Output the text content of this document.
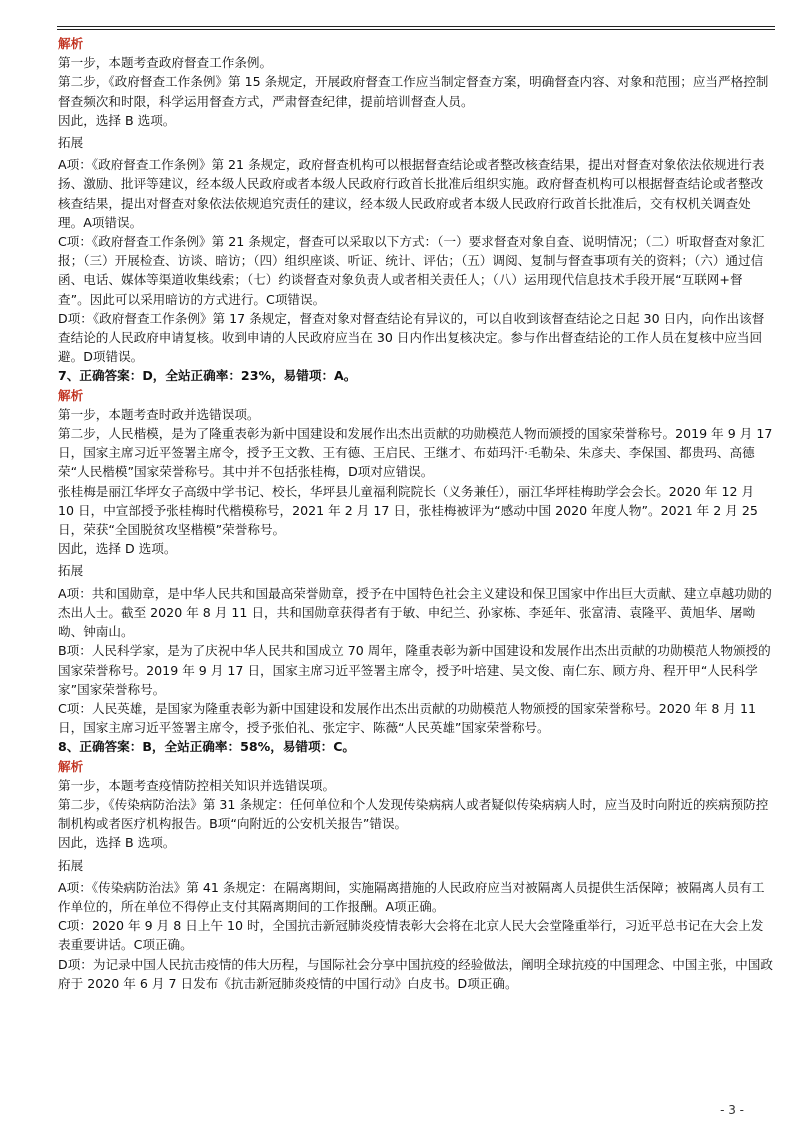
解析

第一步，本题考查政府督查工作条例。

第二步，《政府督查工作条例》第 15 条规定，开展政府督查工作应当制定督查方案，明确督查内容、对象和范围；应当严格控制督查频次和时限，科学运用督查方式，严肃督查纪律，提前培训督查人员。

因此，选择 B 选项。

拓展

A项：《政府督查工作条例》第 21 条规定，政府督查机构可以根据督查结论或者整改核查结果，提出对督查对象依法依规进行表扬、激励、批评等建议，经本级人民政府或者本级人民政府行政首长批准后组织实施。政府督查机构可以根据督查结论或者整改核查结果，提出对督查对象依法依规追究责任的建议，经本级人民政府或者本级人民政府行政首长批准后，交有权机关调查处理。A项错误。

C项：《政府督查工作条例》第 21 条规定，督查可以采取以下方式：（一）要求督查对象自查、说明情况；（二）听取督查对象汇报；（三）开展检查、访谈、暗访；（四）组织座谈、听证、统计、评估；（五）调阅、复制与督查事项有关的资料；（六）通过信函、电话、媒体等渠道收集线索；（七）约谈督查对象负责人或者相关责任人；（八）运用现代信息技术手段开展“互联网+督查”。因此可以采用暗访的方式进行。C项错误。

D项：《政府督查工作条例》第 17 条规定，督查对象对督查结论有异议的，可以自收到该督查结论之日起 30 日内，向作出该督查结论的人民政府申请复核。收到申请的人民政府应当在 30 日内作出复核决定。参与作出督查结论的工作人员在复核中应当回避。D项错误。

7、正确答案：D，全站正确率：23%，易错项：A。

解析

第一步，本题考查时政并选错误项。

第二步，人民楷模，是为了隆重表彰为新中国建设和发展作出杰出贡献的功勋模范人物而颁授的国家荣誉称号。2019 年 9 月 17 日，国家主席习近平签署主席令，授予王文教、王有德、王启民、王继才、布茹玛汗·毛勒朵、朱彦夫、李保国、都贵玛、高德荣“人民楷模”国家荣誉称号。其中并不包括张桂梅，D项对应错误。

张桂梅是丽江华坪女子高级中学书记、校长，华坪县儿童福利院院长（义务兼任），丽江华坪桂梅助学会会长。2020 年 12 月 10 日，中宣部授予张桂梅时代楷模称号，2021 年 2 月 17 日，张桂梅被评为“感动中国 2020 年度人物”。2021 年 2 月 25 日，荣获“全国脱贫攻坚楷模”荣誉称号。

因此，选择 D 选项。

拓展

A项：共和国勋章，是中华人民共和国最高荣誉勋章，授予在中国特色社会主义建设和保卫国家中作出巨大贡献、建立卓越功勋的杰出人士。截至 2020 年 8 月 11 日，共和国勋章获得者有于敏、申纪兰、孙家栋、李延年、张富清、袁隆平、黄旭华、屠呦呦、钟南山。

B项：人民科学家，是为了庆祝中华人民共和国成立 70 周年，隆重表彰为新中国建设和发展作出杰出贡献的功勋模范人物颁授的国家荣誉称号。2019 年 9 月 17 日，国家主席习近平签署主席令，授予叶培建、吴文俊、南仁东、顾方舟、程开甲“人民科学家”国家荣誉称号。

C项：人民英雄，是国家为隆重表彰为新中国建设和发展作出杰出贡献的功勋模范人物颁授的国家荣誉称号。2020 年 8 月 11 日，国家主席习近平签署主席令，授予张伯礼、张定宇、陈薇“人民英雄”国家荣誉称号。

8、正确答案：B，全站正确率：58%，易错项：C。

解析

第一步，本题考查疫情防控相关知识并选错误项。

第二步，《传染病防治法》第 31 条规定：任何单位和个人发现传染病病人或者疑似传染病病人时，应当及时向附近的疾病预防控制机构或者医疗机构报告。B项“向附近的公安机关报告”错误。

因此，选择 B 选项。

拓展

A项：《传染病防治法》第 41 条规定：在隔离期间，实施隔离措施的人民政府应当对被隔离人员提供生活保障；被隔离人员有工作单位的，所在单位不得停止支付其隔离期间的工作报酬。A项正确。

C项：2020 年 9 月 8 日上午 10 时，全国抗击新冠肺炎疫情表彰大会将在北京人民大会堂隆重举行，习近平总书记在大会上发表重要讲话。C项正确。

D项：为记录中国人民抗击疫情的伟大历程，与国际社会分享中国抗疫的经验做法，阐明全球抗疫的中国理念、中国主张，中国政府于 2020 年 6 月 7 日发布《抗击新冠肺炎疫情的中国行动》白皮书。D项正确。

- 3 -
